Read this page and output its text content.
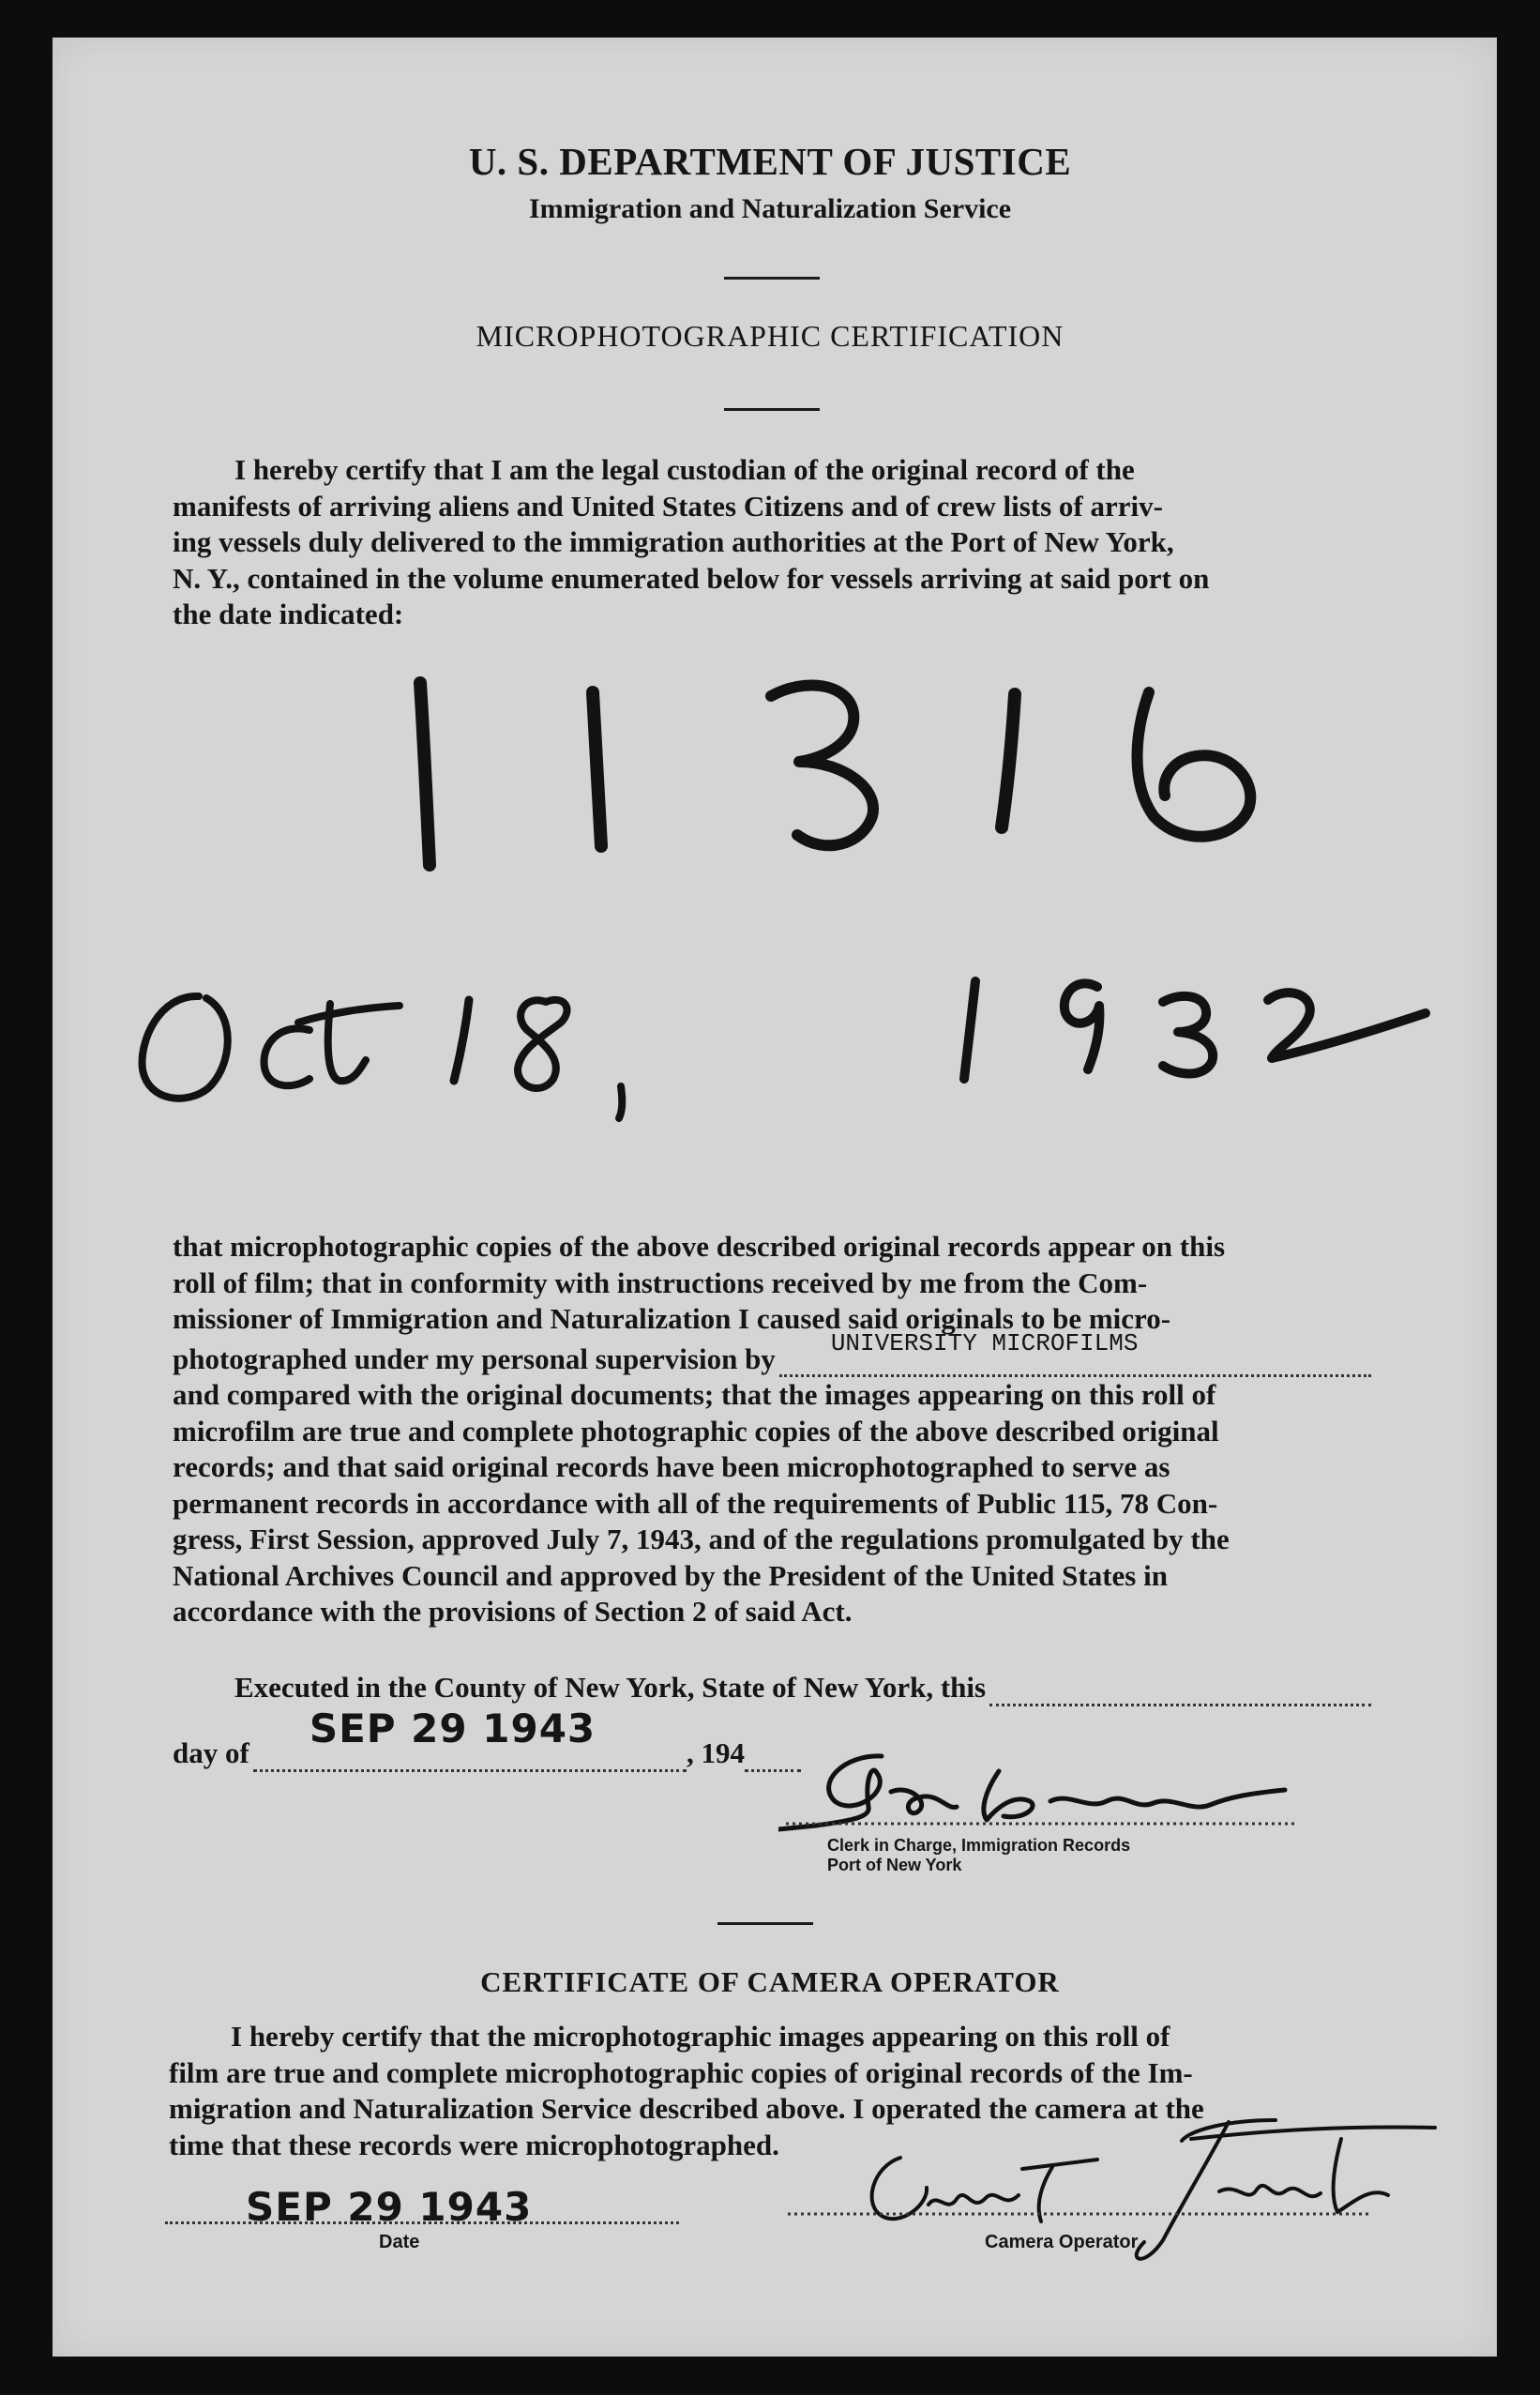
U. S. DEPARTMENT OF JUSTICE
Immigration and Naturalization Service
MICROPHOTOGRAPHIC CERTIFICATION
I hereby certify that I am the legal custodian of the original record of the
manifests of arriving aliens and United States Citizens and of crew lists of arriv-
ing vessels duly delivered to the immigration authorities at the Port of New York,
N. Y., contained in the volume enumerated below for vessels arriving at said port on
the date indicated:
that microphotographic copies of the above described original records appear on this
roll of film; that in conformity with instructions received by me from the Com-
missioner of Immigration and Naturalization I caused said originals to be micro-
photographed under my personal supervision by UNIVERSITY MICROFILMS
and compared with the original documents; that the images appearing on this roll of
microfilm are true and complete photographic copies of the above described original
records; and that said original records have been microphotographed to serve as
permanent records in accordance with all of the requirements of Public 115, 78 Con-
gress, First Session, approved July 7, 1943, and of the regulations promulgated by the
National Archives Council and approved by the President of the United States in
accordance with the provisions of Section 2 of said Act.
Executed in the County of New York, State of New York, this
day of
SEP 29 1943
, 194
Clerk in Charge, Immigration Records
Port of New York
CERTIFICATE OF CAMERA OPERATOR
I hereby certify that the microphotographic images appearing on this roll of
film are true and complete microphotographic copies of original records of the Im-
migration and Naturalization Service described above. I operated the camera at the
time that these records were microphotographed.
SEP 29 1943
Date	Camera Operator
